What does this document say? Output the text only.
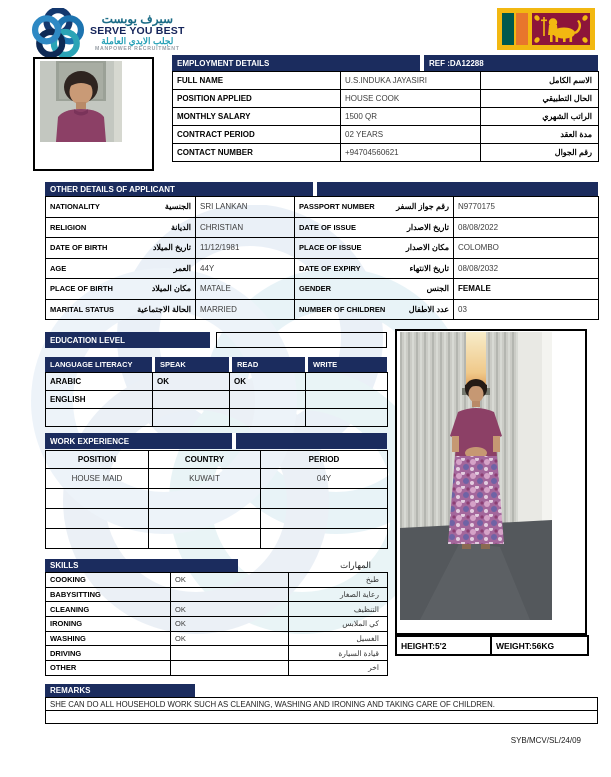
سيرف يوبست
SERVE YOU BEST
لجلب الايدي العاملة
MANPOWER RECRUITMENT
EMPLOYMENT DETAILS	REF :DA12288
FULL NAME	U.S.INDUKA JAYASIRI	الاسم الكامل
POSITION APPLIED	HOUSE COOK	الحال التطبيقي
MONTHLY SALARY	1500 QR	الراتب الشهري
CONTRACT PERIOD	02 YEARS	مدة العقد
CONTACT NUMBER	+94704560621	رقم الجوال
OTHER DETAILS OF APPLICANT
NATIONALITY الجنسية	SRI LANKAN	PASSPORT NUMBER رقم جواز السفر	N9770175

RELIGION الديانة	CHRISTIAN	DATE OF ISSUE تاريخ الاصدار	08/08/2022

DATE OF BIRTH تاريخ الميلاد	11/12/1981	PLACE OF ISSUE مكان الاصدار	COLOMBO

AGE العمر	44Y	DATE OF EXPIRY تاريخ الانتهاء	08/08/2032

PLACE OF BIRTH مكان الميلاد	MATALE	GENDER الجنس	FEMALE

MARITAL STATUS الحالة الاجتماعية	MARRIED	NUMBER OF CHILDREN عدد الاطفال	03
EDUCATION LEVEL
LANGUAGE LITERACY	SPEAK	READ	WRITE
ARABIC	OK	OK	
ENGLISH			

WORK EXPERIENCE
POSITION	COUNTRY	PERIOD
HOUSE MAID	KUWAIT	04Y

SKILLS	المهارات
COOKING	OK	طبخ
BABYSITTING		رعاية الصغار
CLEANING	OK	التنظيف
IRONING	OK	كي الملابس
WASHING	OK	الغسيل
DRIVING		قيادة السيارة
OTHER		اخر
HEIGHT:5'2	WEIGHT:56KG
REMARKS
SHE CAN DO ALL HOUSEHOLD WORK SUCH AS CLEANING, WASHING AND IRONING AND TAKING CARE OF CHILDREN.

SYB/MCV/SL/24/09
